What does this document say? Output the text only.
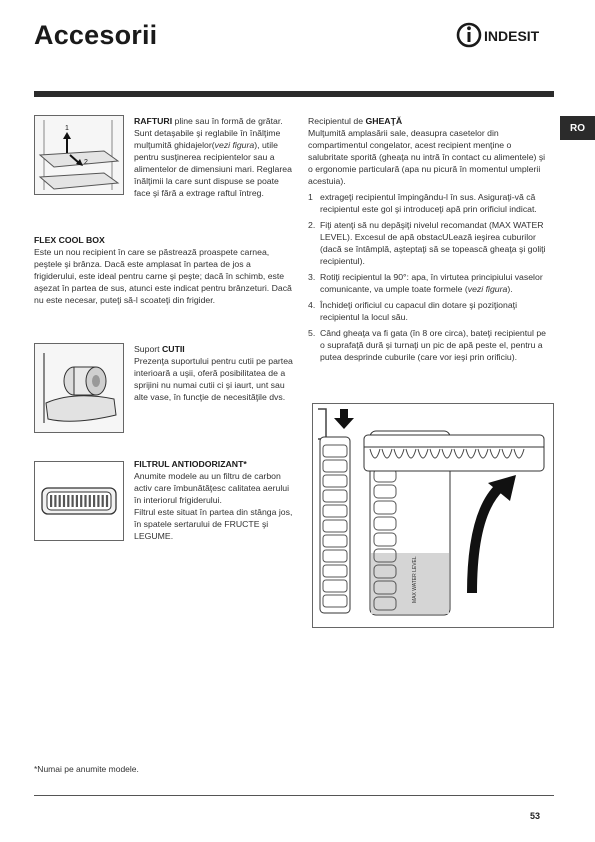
Accesorii	INDESIT
RO
1
2
RAFTURI pline sau în formă de grătar.
Sunt detaşabile şi reglabile în înălţime mulţumită ghidajelor(vezi figura), utile pentru susţinerea recipientelor sau a alimentelor de dimensiuni mari. Reglarea înălţimii la care sunt dispuse se poate face şi fără a extrage raftul întreg.
FLEX COOL BOX
Este un nou recipient în care se păstrează proaspete carnea, peştele şi brânza. Dacă este amplasat în partea de jos a frigiderului, este ideal pentru carne şi peşte; dacă în schimb, este aşezat în partea de sus, atunci este indicat pentru brânzeturi. Dacă nu este necesar, puteţi să-l scoateţi din frigider.
Suport CUTII
Prezenţa suportului pentru cutii pe partea interioară a uşii, oferă posibilitatea de a sprijini nu numai cutii ci şi iaurt, unt sau alte vase, în funcţie de necesităţile dvs.
FILTRUL ANTIODORIZANT*
Anumite modele au un filtru de carbon activ care îmbunătăţesc calitatea aerului în interiorul frigiderului.
Filtrul este situat în partea din stânga jos, în spatele sertarului de FRUCTE şi LEGUME.
Recipientul de GHEAŢĂ
Mulţumită amplasării sale, deasupra casetelor din compartimentul congelator, acest recipient menţine o salubritate sporită (gheaţa nu intră în contact cu alimentele) şi o ergonomie particulară (apa nu picură în momentul umplerii acestuia).
1 extrageţi recipientul împingându-l în sus. Asiguraţi-vă că recipientul este gol şi introduceţi apă prin orificiul indicat.
2. Fiţi atenţi să nu depăşiţi nivelul recomandat (MAX WATER LEVEL). Excesul de apă obstacULează ieşirea cuburilor (dacă se întâmplă, aşteptaţi să se topească gheaţa şi goliţi recipientul).
3. Rotiţi recipientul la 90°: apa, în virtutea principiului vaselor comunicante, va umple toate formele (vezi figura).
4. Închideţi orificiul cu capacul din dotare şi poziţionaţi recipientul la locul său.
5. Când gheaţa va fi gata (în 8 ore circa), bateţi recipientul pe o suprafaţă dură şi turnaţi un pic de apă peste el, pentru a putea desprinde cuburile (care vor ieşi prin orificiu).
MAX WATER LEVEL
*Numai pe anumite modele.
53
